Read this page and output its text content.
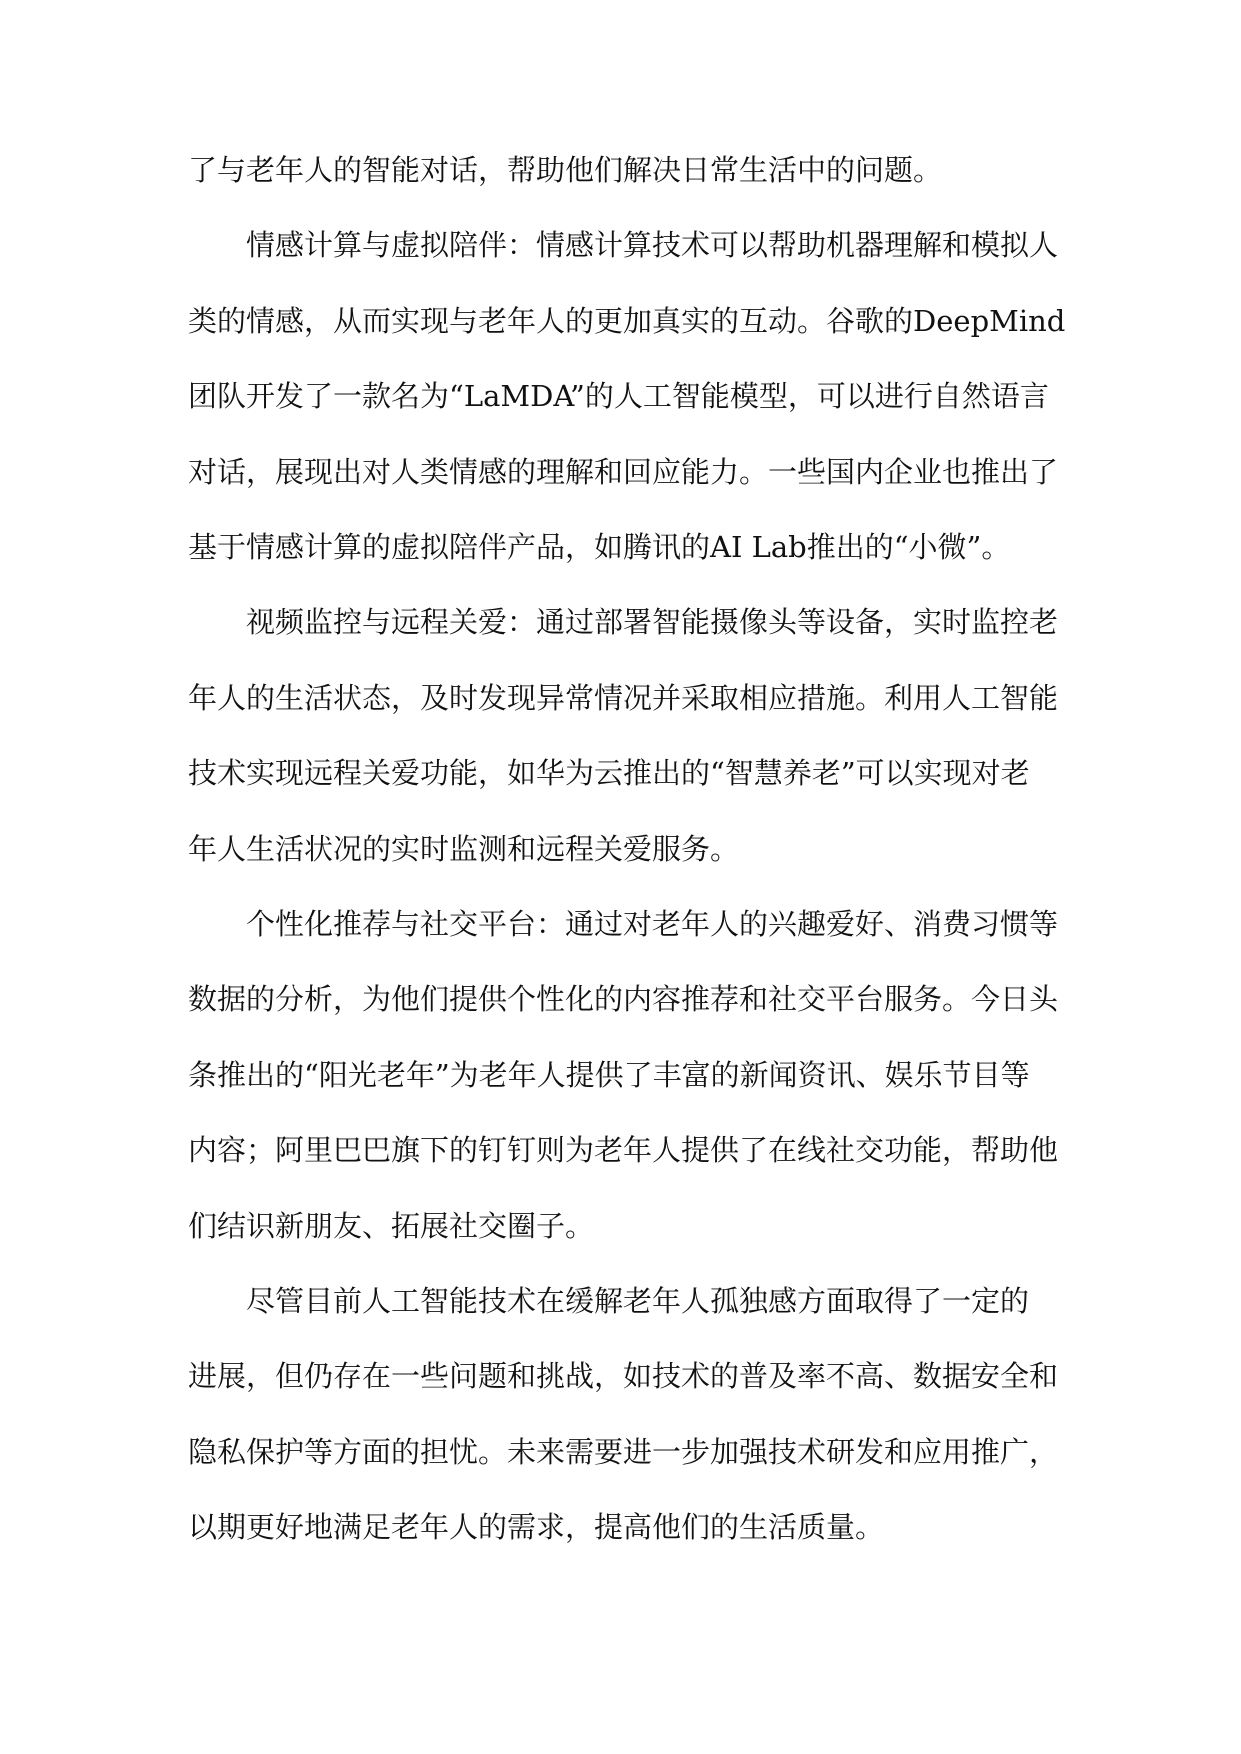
了与老年人的智能对话，帮助他们解决日常生活中的问题。

情感计算与虚拟陪伴：情感计算技术可以帮助机器理解和模拟人

类的情感，从而实现与老年人的更加真实的互动。谷歌的DeepMind

团队开发了一款名为“LaMDA”的人工智能模型，可以进行自然语言

对话，展现出对人类情感的理解和回应能力。一些国内企业也推出了

基于情感计算的虚拟陪伴产品，如腾讯的AI Lab推出的“小微”。

视频监控与远程关爱：通过部署智能摄像头等设备，实时监控老

年人的生活状态，及时发现异常情况并采取相应措施。利用人工智能

技术实现远程关爱功能，如华为云推出的“智慧养老”可以实现对老

年人生活状况的实时监测和远程关爱服务。

个性化推荐与社交平台：通过对老年人的兴趣爱好、消费习惯等

数据的分析，为他们提供个性化的内容推荐和社交平台服务。今日头

条推出的“阳光老年”为老年人提供了丰富的新闻资讯、娱乐节目等

内容；阿里巴巴旗下的钉钉则为老年人提供了在线社交功能，帮助他

们结识新朋友、拓展社交圈子。

尽管目前人工智能技术在缓解老年人孤独感方面取得了一定的

进展，但仍存在一些问题和挑战，如技术的普及率不高、数据安全和

隐私保护等方面的担忧。未来需要进一步加强技术研发和应用推广，

以期更好地满足老年人的需求，提高他们的生活质量。
